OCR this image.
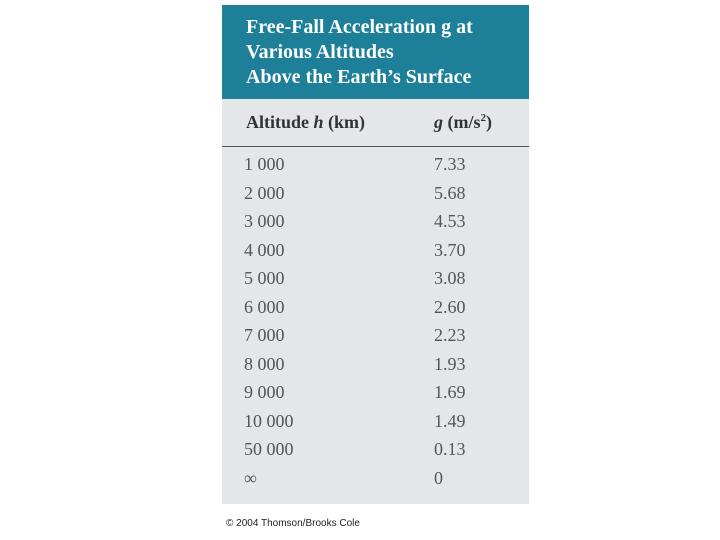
Free-Fall Acceleration g at
Various Altitudes
Above the Earth’s Surface
Altitude h (km)	g $(m/s^2)$
1 000	7.33
2 000	5.68
3 000	4.53
4 000	3.70
5 000	3.08
6 000	2.60
7 000	2.23
8 000	1.93
9 000	1.69
10 000	1.49
50 000	0.13
∞	0
© 2004 Thomson/Brooks Cole
